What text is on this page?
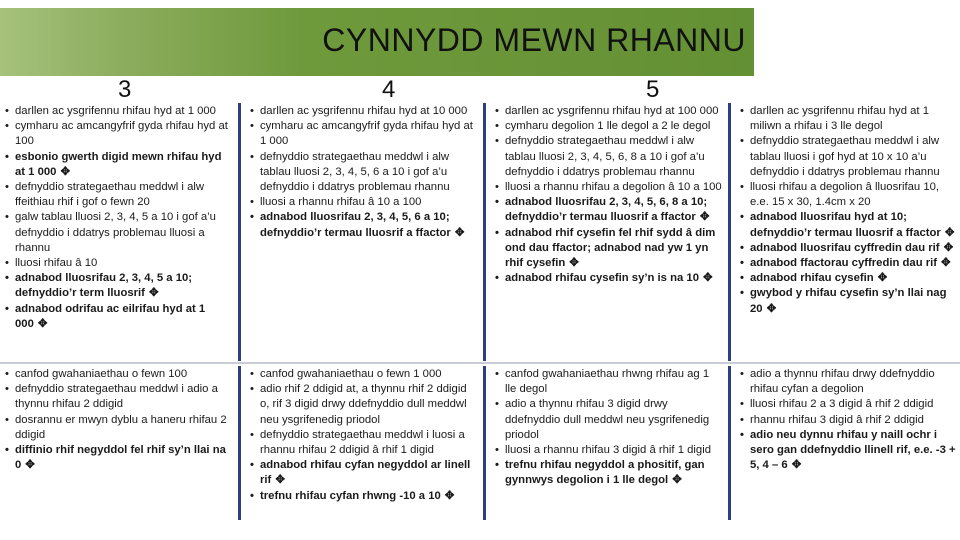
CYNNYDD MEWN RHANNU

3	4	5

• darllen ac ysgrifennu rhifau hyd at 1 000
• cymharu ac amcangyfrif gyda rhifau hyd at 100
• esbonio gwerth digid mewn rhifau hyd at 1 000 ✥
• defnyddio strategaethau meddwl i alw ffeithiau rhif i gof o fewn 20
• galw tablau lluosi 2, 3, 4, 5 a 10 i gof a’u defnyddio i ddatrys problemau lluosi a rhannu
• lluosi rhifau â 10
• adnabod lluosrifau 2, 3, 4, 5 a 10; defnyddio’r term lluosrif ✥
• adnabod odrifau ac eilrifau hyd at 1 000 ✥
• darllen ac ysgrifennu rhifau hyd at 10 000
• cymharu ac amcangyfrif gyda rhifau hyd at 1 000
• defnyddio strategaethau meddwl i alw tablau lluosi 2, 3, 4, 5, 6 a 10 i gof a’u defnyddio i ddatrys problemau rhannu
• lluosi a rhannu rhifau â 10 a 100
• adnabod lluosrifau 2, 3, 4, 5, 6 a 10; defnyddio’r termau lluosrif a ffactor ✥
• darllen ac ysgrifennu rhifau hyd at 100 000
• cymharu degolion 1 lle degol a 2 le degol
• defnyddio strategaethau meddwl i alw tablau lluosi 2, 3, 4, 5, 6, 8 a 10 i gof a’u defnyddio i ddatrys problemau rhannu
• lluosi a rhannu rhifau a degolion â 10 a 100
• adnabod lluosrifau 2, 3, 4, 5, 6, 8 a 10; defnyddio’r termau lluosrif a ffactor ✥
• adnabod rhif cysefin fel rhif sydd â dim ond dau ffactor; adnabod nad yw 1 yn rhif cysefin ✥
• adnabod rhifau cysefin sy’n is na 10 ✥
• darllen ac ysgrifennu rhifau hyd at 1 miliwn a rhifau i 3 lle degol
• defnyddio strategaethau meddwl i alw tablau lluosi i gof hyd at 10 x 10 a’u defnyddio i ddatrys problemau rhannu
• lluosi rhifau a degolion â lluosrifau 10, e.e. 15 x 30, 1.4cm x 20
• adnabod lluosrifau hyd at 10; defnyddio’r termau lluosrif a ffactor ✥
• adnabod lluosrifau cyffredin dau rif ✥
• adnabod ffactorau cyffredin dau rif ✥
• adnabod rhifau cysefin ✥
• gwybod y rhifau cysefin sy’n llai nag 20 ✥
• canfod gwahaniaethau o fewn 100
• defnyddio strategaethau meddwl i adio a thynnu rhifau 2 ddigid
• dosrannu er mwyn dyblu a haneru rhifau 2 ddigid
• diffinio rhif negyddol fel rhif sy’n llai na 0 ✥
• canfod gwahaniaethau o fewn 1 000
• adio rhif 2 ddigid at, a thynnu rhif 2 ddigid o, rif 3 digid drwy ddefnyddio dull meddwl neu ysgrifenedig priodol
• defnyddio strategaethau meddwl i luosi a rhannu rhifau 2 ddigid â rhif 1 digid
• adnabod rhifau cyfan negyddol ar linell rif ✥
• trefnu rhifau cyfan rhwng -10 a 10 ✥
• canfod gwahaniaethau rhwng rhifau ag 1 lle degol
• adio a thynnu rhifau 3 digid drwy ddefnyddio dull meddwl neu ysgrifenedig priodol
• lluosi a rhannu rhifau 3 digid â rhif 1 digid
• trefnu rhifau negyddol a phositif, gan gynnwys degolion i 1 lle degol ✥
• adio a thynnu rhifau drwy ddefnyddio rhifau cyfan a degolion
• lluosi rhifau 2 a 3 digid â rhif 2 ddigid
• rhannu rhifau 3 digid â rhif 2 ddigid
• adio neu dynnu rhifau y naill ochr i sero gan ddefnyddio llinell rif, e.e. -3 + 5, 4 – 6 ✥
